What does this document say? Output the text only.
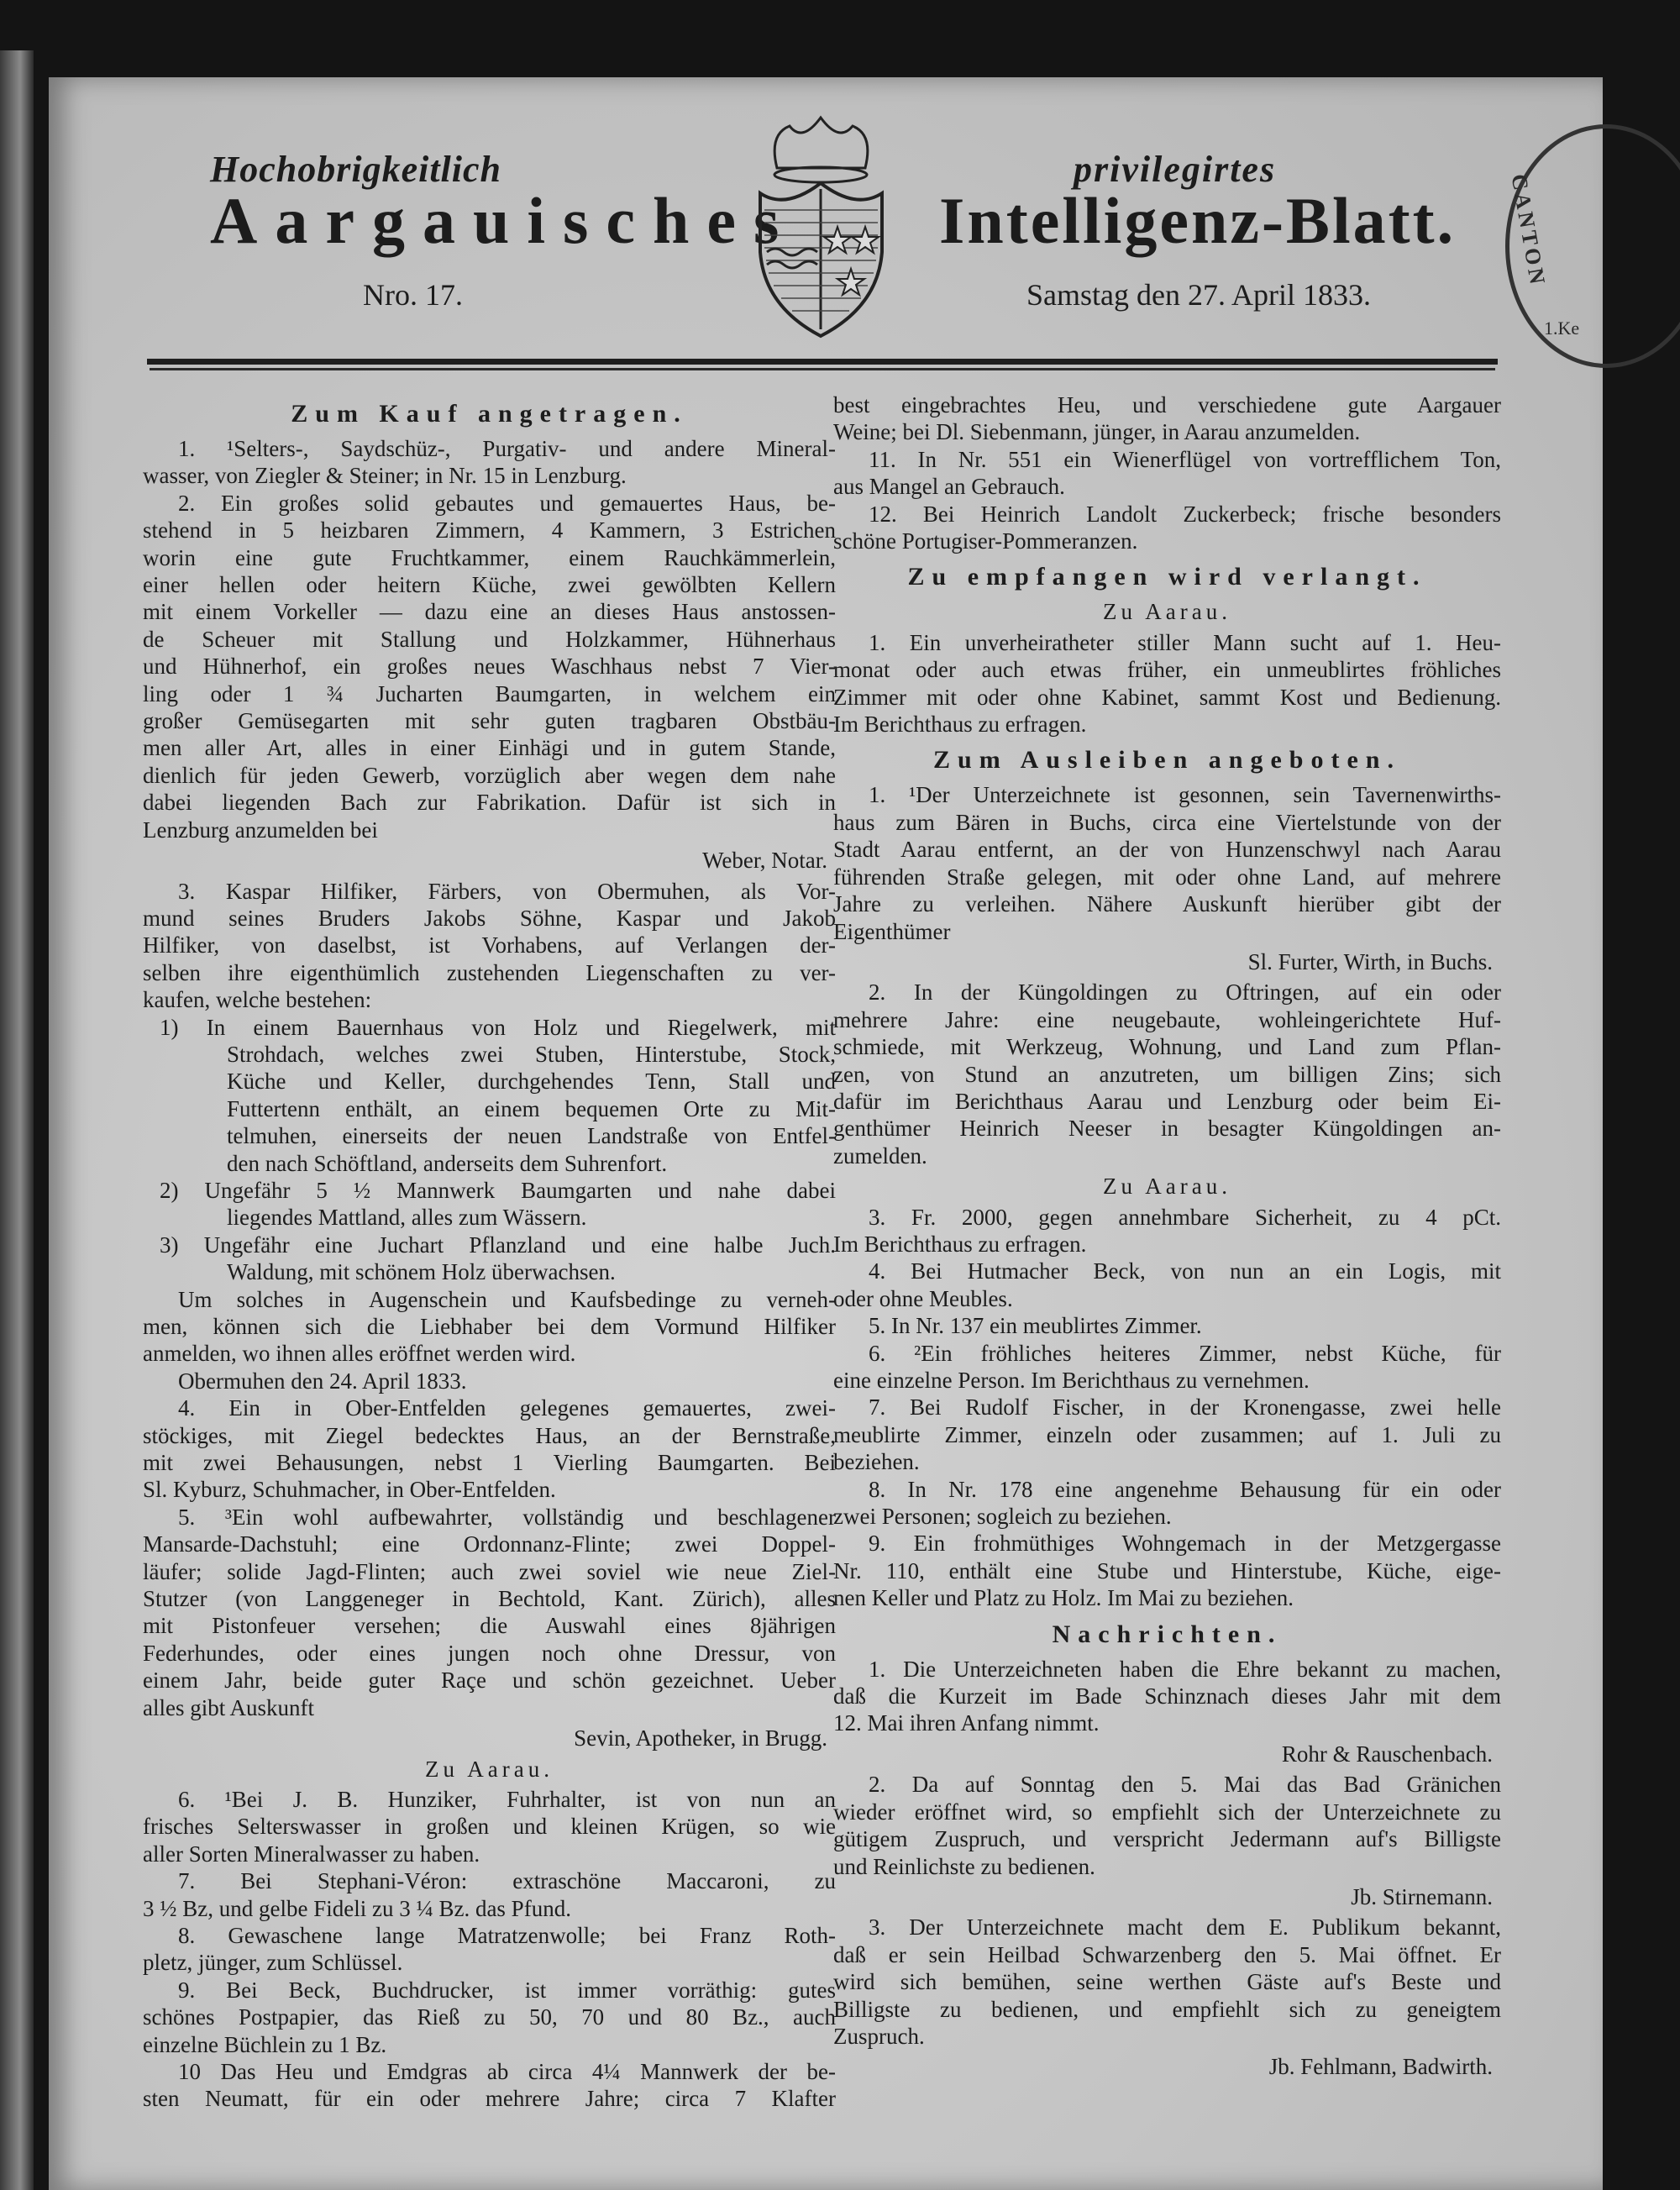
Hochobrigkeitlich
Aargauisches
privilegirtes
Intelligenz-Blatt.
Nro. 17.	Samstag den 27. April 1833.
CANTON
1.Ke
Zum Kauf angetragen.
1. ¹Selters-, Saydschüz-, Purgativ- und andere Mineral-
wasser, von Ziegler & Steiner; in Nr. 15 in Lenzburg.
2. Ein großes solid gebautes und gemauertes Haus, be-
stehend in 5 heizbaren Zimmern, 4 Kammern, 3 Estrichen
worin eine gute Fruchtkammer, einem Rauchkämmerlein,
einer hellen oder heitern Küche, zwei gewölbten Kellern
mit einem Vorkeller — dazu eine an dieses Haus anstossen-
de Scheuer mit Stallung und Holzkammer, Hühnerhaus
und Hühnerhof, ein großes neues Waschhaus nebst 7 Vier-
ling oder 1 ¾ Jucharten Baumgarten, in welchem ein
großer Gemüsegarten mit sehr guten tragbaren Obstbäu-
men aller Art, alles in einer Einhägi und in gutem Stande,
dienlich für jeden Gewerb, vorzüglich aber wegen dem nahe
dabei liegenden Bach zur Fabrikation. Dafür ist sich in
Lenzburg anzumelden bei
Weber, Notar.
3. Kaspar Hilfiker, Färbers, von Obermuhen, als Vor-
mund seines Bruders Jakobs Söhne, Kaspar und Jakob
Hilfiker, von daselbst, ist Vorhabens, auf Verlangen der-
selben ihre eigenthümlich zustehenden Liegenschaften zu ver-
kaufen, welche bestehen:
1) In einem Bauernhaus von Holz und Riegelwerk, mit
Strohdach, welches zwei Stuben, Hinterstube, Stock,
Küche und Keller, durchgehendes Tenn, Stall und
Futtertenn enthält, an einem bequemen Orte zu Mit-
telmuhen, einerseits der neuen Landstraße von Entfel-
den nach Schöftland, anderseits dem Suhrenfort.
2) Ungefähr 5 ½ Mannwerk Baumgarten und nahe dabei
liegendes Mattland, alles zum Wässern.
3) Ungefähr eine Juchart Pflanzland und eine halbe Juch.
Waldung, mit schönem Holz überwachsen.
Um solches in Augenschein und Kaufsbedinge zu verneh-
men, können sich die Liebhaber bei dem Vormund Hilfiker
anmelden, wo ihnen alles eröffnet werden wird.
Obermuhen den 24. April 1833.
4. Ein in Ober-Entfelden gelegenes gemauertes, zwei-
stöckiges, mit Ziegel bedecktes Haus, an der Bernstraße,
mit zwei Behausungen, nebst 1 Vierling Baumgarten. Bei
Sl. Kyburz, Schuhmacher, in Ober-Entfelden.
5. ³Ein wohl aufbewahrter, vollständig und beschlagener
Mansarde-Dachstuhl; eine Ordonnanz-Flinte; zwei Doppel-
läufer; solide Jagd-Flinten; auch zwei soviel wie neue Ziel-
Stutzer (von Langgeneger in Bechtold, Kant. Zürich), alles
mit Pistonfeuer versehen; die Auswahl eines 8jährigen
Federhundes, oder eines jungen noch ohne Dressur, von
einem Jahr, beide guter Raçe und schön gezeichnet. Ueber
alles gibt Auskunft
Sevin, Apotheker, in Brugg.
Zu Aarau.
6. ¹Bei J. B. Hunziker, Fuhrhalter, ist von nun an
frisches Selterswasser in großen und kleinen Krügen, so wie
aller Sorten Mineralwasser zu haben.
7. Bei Stephani-Véron: extraschöne Maccaroni, zu
3 ½ Bz, und gelbe Fideli zu 3 ¼ Bz. das Pfund.
8. Gewaschene lange Matratzenwolle; bei Franz Roth-
pletz, jünger, zum Schlüssel.
9. Bei Beck, Buchdrucker, ist immer vorräthig: gutes
schönes Postpapier, das Rieß zu 50, 70 und 80 Bz., auch
einzelne Büchlein zu 1 Bz.
10 Das Heu und Emdgras ab circa 4¼ Mannwerk der be-
sten Neumatt, für ein oder mehrere Jahre; circa 7 Klafter
best eingebrachtes Heu, und verschiedene gute Aargauer
Weine; bei Dl. Siebenmann, jünger, in Aarau anzumelden.
11. In Nr. 551 ein Wienerflügel von vortrefflichem Ton,
aus Mangel an Gebrauch.
12. Bei Heinrich Landolt Zuckerbeck; frische besonders
schöne Portugiser-Pommeranzen.
Zu empfangen wird verlangt.
Zu Aarau.
1. Ein unverheiratheter stiller Mann sucht auf 1. Heu-
monat oder auch etwas früher, ein unmeublirtes fröhliches
Zimmer mit oder ohne Kabinet, sammt Kost und Bedienung.
Im Berichthaus zu erfragen.
Zum Ausleiben angeboten.
1. ¹Der Unterzeichnete ist gesonnen, sein Tavernenwirths-
haus zum Bären in Buchs, circa eine Viertelstunde von der
Stadt Aarau entfernt, an der von Hunzenschwyl nach Aarau
führenden Straße gelegen, mit oder ohne Land, auf mehrere
Jahre zu verleihen. Nähere Auskunft hierüber gibt der
Eigenthümer
Sl. Furter, Wirth, in Buchs.
2. In der Küngoldingen zu Oftringen, auf ein oder
mehrere Jahre: eine neugebaute, wohleingerichtete Huf-
schmiede, mit Werkzeug, Wohnung, und Land zum Pflan-
zen, von Stund an anzutreten, um billigen Zins; sich
dafür im Berichthaus Aarau und Lenzburg oder beim Ei-
genthümer Heinrich Neeser in besagter Küngoldingen an-
zumelden.
Zu Aarau.
3. Fr. 2000, gegen annehmbare Sicherheit, zu 4 pCt.
Im Berichthaus zu erfragen.
4. Bei Hutmacher Beck, von nun an ein Logis, mit
oder ohne Meubles.
5. In Nr. 137 ein meublirtes Zimmer.
6. ²Ein fröhliches heiteres Zimmer, nebst Küche, für
eine einzelne Person. Im Berichthaus zu vernehmen.
7. Bei Rudolf Fischer, in der Kronengasse, zwei helle
meublirte Zimmer, einzeln oder zusammen; auf 1. Juli zu
beziehen.
8. In Nr. 178 eine angenehme Behausung für ein oder
zwei Personen; sogleich zu beziehen.
9. Ein frohmüthiges Wohngemach in der Metzgergasse
Nr. 110, enthält eine Stube und Hinterstube, Küche, eige-
nen Keller und Platz zu Holz. Im Mai zu beziehen.
Nachrichten.
1. Die Unterzeichneten haben die Ehre bekannt zu machen,
daß die Kurzeit im Bade Schinznach dieses Jahr mit dem
12. Mai ihren Anfang nimmt.
Rohr & Rauschenbach.
2. Da auf Sonntag den 5. Mai das Bad Gränichen
wieder eröffnet wird, so empfiehlt sich der Unterzeichnete zu
gütigem Zuspruch, und verspricht Jedermann auf's Billigste
und Reinlichste zu bedienen.
Jb. Stirnemann.
3. Der Unterzeichnete macht dem E. Publikum bekannt,
daß er sein Heilbad Schwarzenberg den 5. Mai öffnet. Er
wird sich bemühen, seine werthen Gäste auf's Beste und
Billigste zu bedienen, und empfiehlt sich zu geneigtem
Zuspruch.
Jb. Fehlmann, Badwirth.
